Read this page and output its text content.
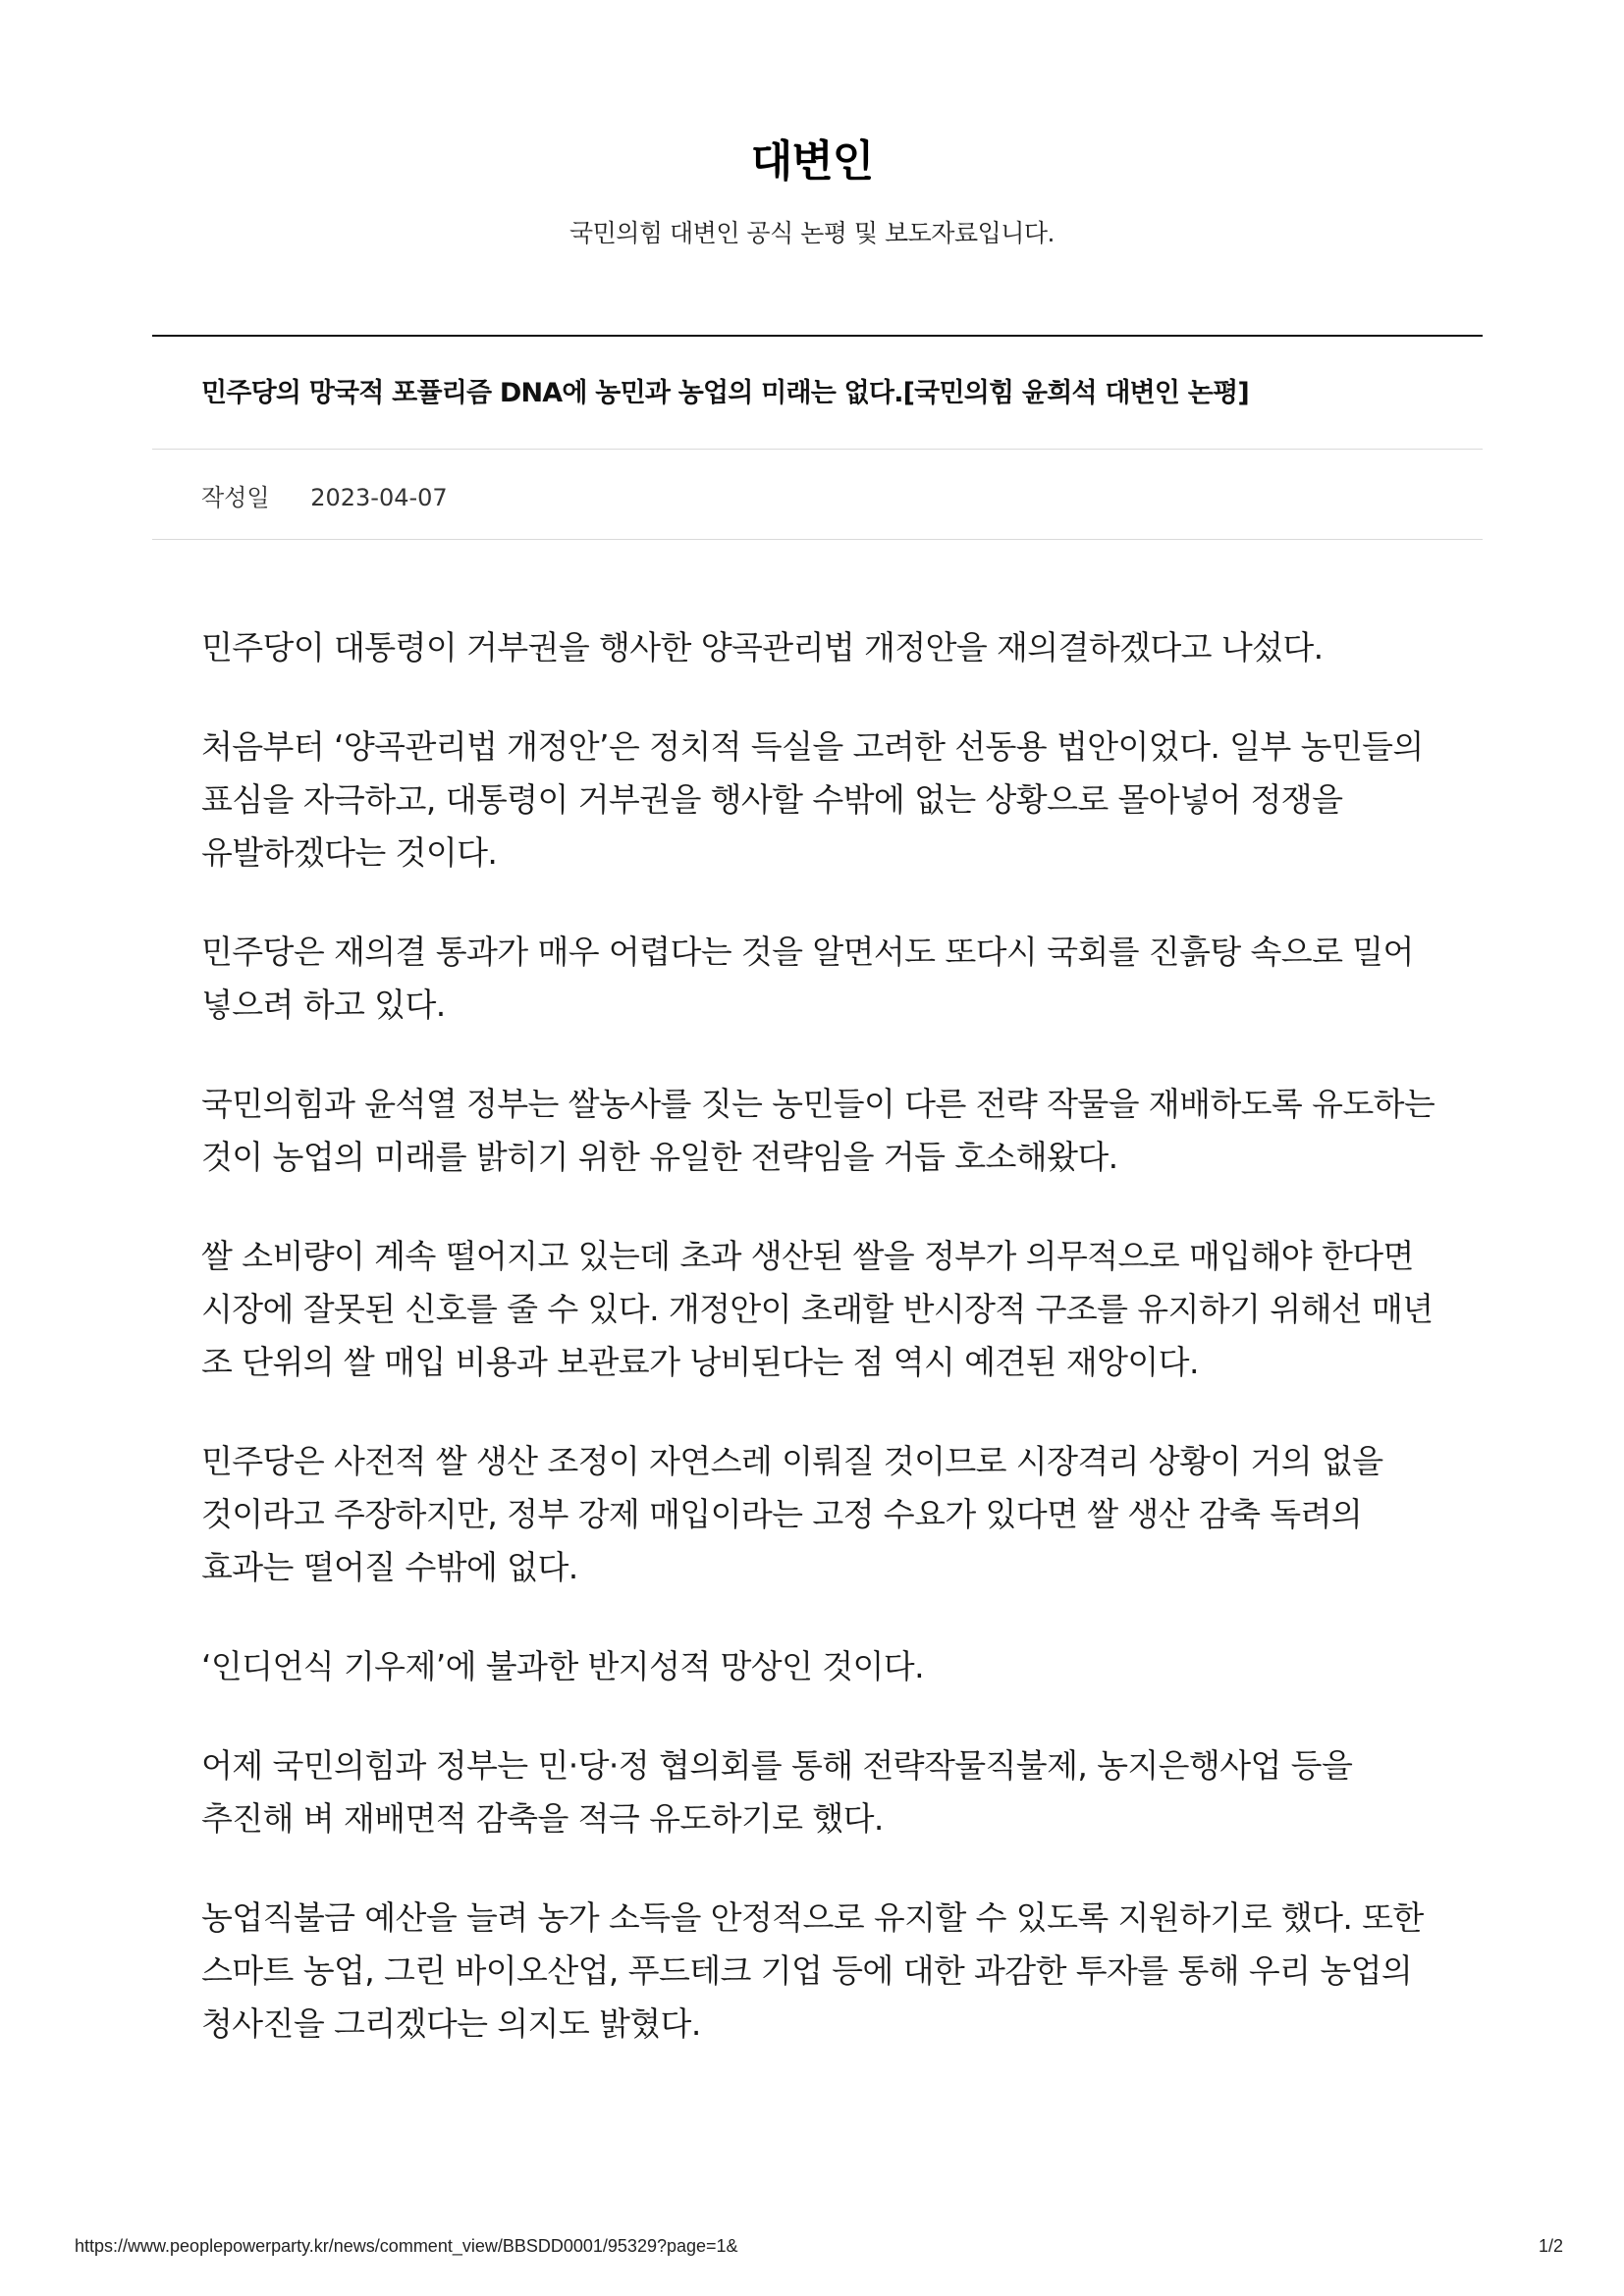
대변인
국민의힘 대변인 공식 논평 및 보도자료입니다.
민주당의 망국적 포퓰리즘 DNA에 농민과 농업의 미래는 없다.[국민의힘 윤희석 대변인 논평]
작성일 2023-04-07

민주당이 대통령이 거부권을 행사한 양곡관리법 개정안을 재의결하겠다고 나섰다.

처음부터 ‘양곡관리법 개정안’은 정치적 득실을 고려한 선동용 법안이었다. 일부 농민들의 표심을 자극하고, 대통령이 거부권을 행사할 수밖에 없는 상황으로 몰아넣어 정쟁을 유발하겠다는 것이다.

민주당은 재의결 통과가 매우 어렵다는 것을 알면서도 또다시 국회를 진흙탕 속으로 밀어 넣으려 하고 있다.

국민의힘과 윤석열 정부는 쌀농사를 짓는 농민들이 다른 전략 작물을 재배하도록 유도하는 것이 농업의 미래를 밝히기 위한 유일한 전략임을 거듭 호소해왔다.

쌀 소비량이 계속 떨어지고 있는데 초과 생산된 쌀을 정부가 의무적으로 매입해야 한다면 시장에 잘못된 신호를 줄 수 있다. 개정안이 초래할 반시장적 구조를 유지하기 위해선 매년 조 단위의 쌀 매입 비용과 보관료가 낭비된다는 점 역시 예견된 재앙이다.

민주당은 사전적 쌀 생산 조정이 자연스레 이뤄질 것이므로 시장격리 상황이 거의 없을 것이라고 주장하지만, 정부 강제 매입이라는 고정 수요가 있다면 쌀 생산 감축 독려의 효과는 떨어질 수밖에 없다.

‘인디언식 기우제’에 불과한 반지성적 망상인 것이다.

어제 국민의힘과 정부는 민·당·정 협의회를 통해 전략작물직불제, 농지은행사업 등을 추진해 벼 재배면적 감축을 적극 유도하기로 했다.

농업직불금 예산을 늘려 농가 소득을 안정적으로 유지할 수 있도록 지원하기로 했다. 또한 스마트 농업, 그린 바이오산업, 푸드테크 기업 등에 대한 과감한 투자를 통해 우리 농업의 청사진을 그리겠다는 의지도 밝혔다.

https://www.peoplepowerparty.kr/news/comment_view/BBSDD0001/95329?page=1&	1/2
